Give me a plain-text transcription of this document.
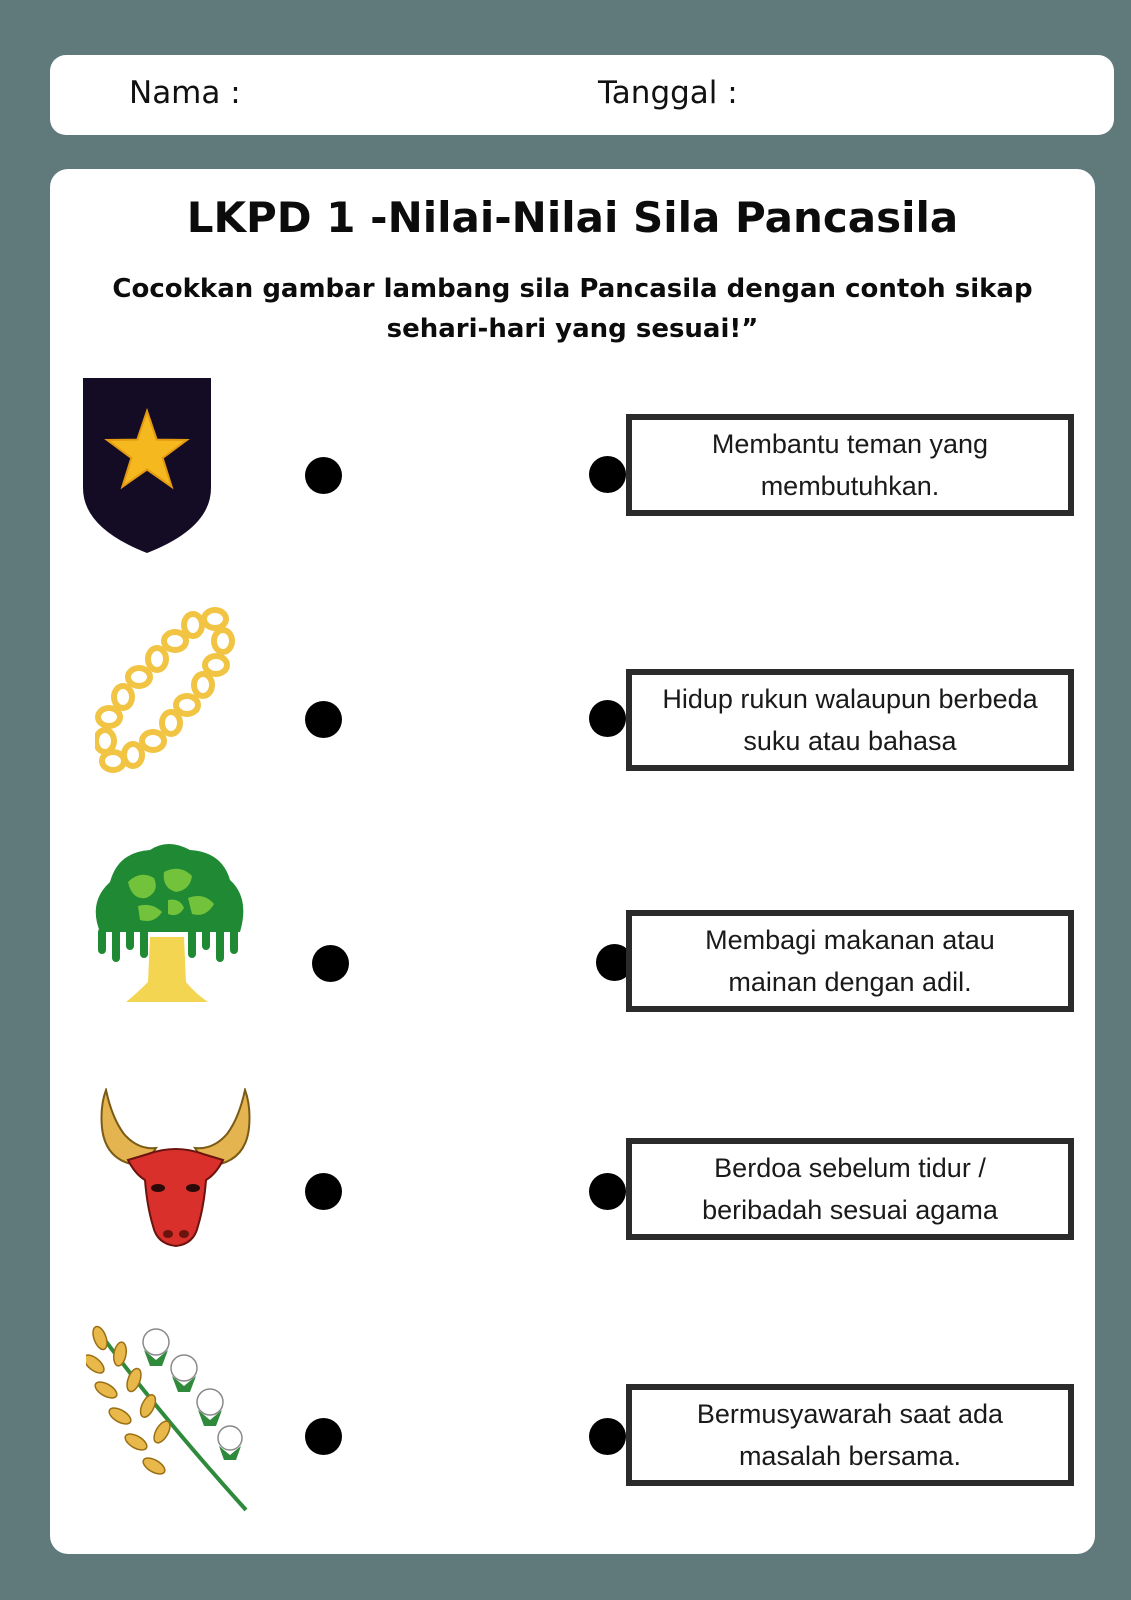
Nama :	Tanggal :
LKPD 1 -Nilai-Nilai Sila Pancasila
Cocokkan gambar lambang sila Pancasila dengan contoh sikap sehari-hari yang sesuai!”
Membantu teman yang membutuhkan.
Hidup rukun walaupun berbeda suku atau bahasa
Membagi makanan atau mainan dengan adil.
Berdoa sebelum tidur / beribadah sesuai agama
Bermusyawarah saat ada masalah bersama.
